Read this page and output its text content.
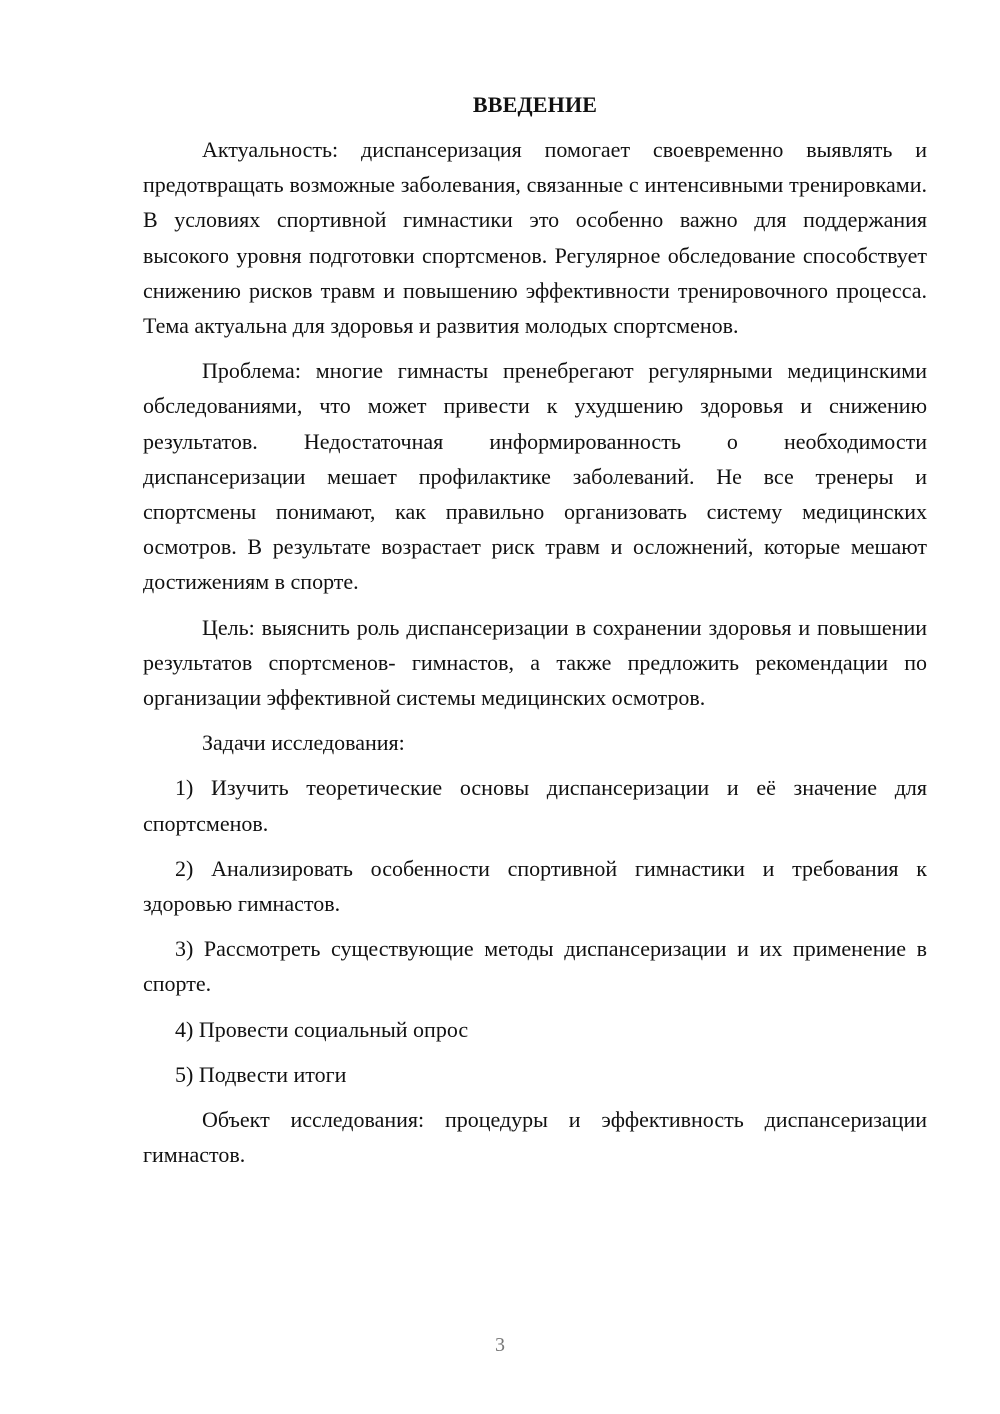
ВВЕДЕНИЕ

Актуальность: диспансеризация помогает своевременно выявлять и предотвращать возможные заболевания, связанные с интенсивными тренировками. В условиях спортивной гимнастики это особенно важно для поддержания высокого уровня подготовки спортсменов. Регулярное обследование способствует снижению рисков травм и повышению эффективности тренировочного процесса. Тема актуальна для здоровья и развития молодых спортсменов.

Проблема: многие гимнасты пренебрегают регулярными медицинскими обследованиями, что может привести к ухудшению здоровья и снижению результатов. Недостаточная информированность о необходимости диспансеризации мешает профилактике заболеваний. Не все тренеры и спортсмены понимают, как правильно организовать систему медицинских осмотров. В результате возрастает риск травм и осложнений, которые мешают достижениям в спорте.

Цель: выяснить роль диспансеризации в сохранении здоровья и повышении результатов спортсменов- гимнастов, а также предложить рекомендации по организации эффективной системы медицинских осмотров.

Задачи исследования:

1) Изучить теоретические основы диспансеризации и её значение для спортсменов.

2) Анализировать особенности спортивной гимнастики и требования к здоровью гимнастов.

3) Рассмотреть существующие методы диспансеризации и их применение в спорте.

4) Провести социальный опрос

5) Подвести итоги

Объект исследования: процедуры и эффективность диспансеризации гимнастов.

3
